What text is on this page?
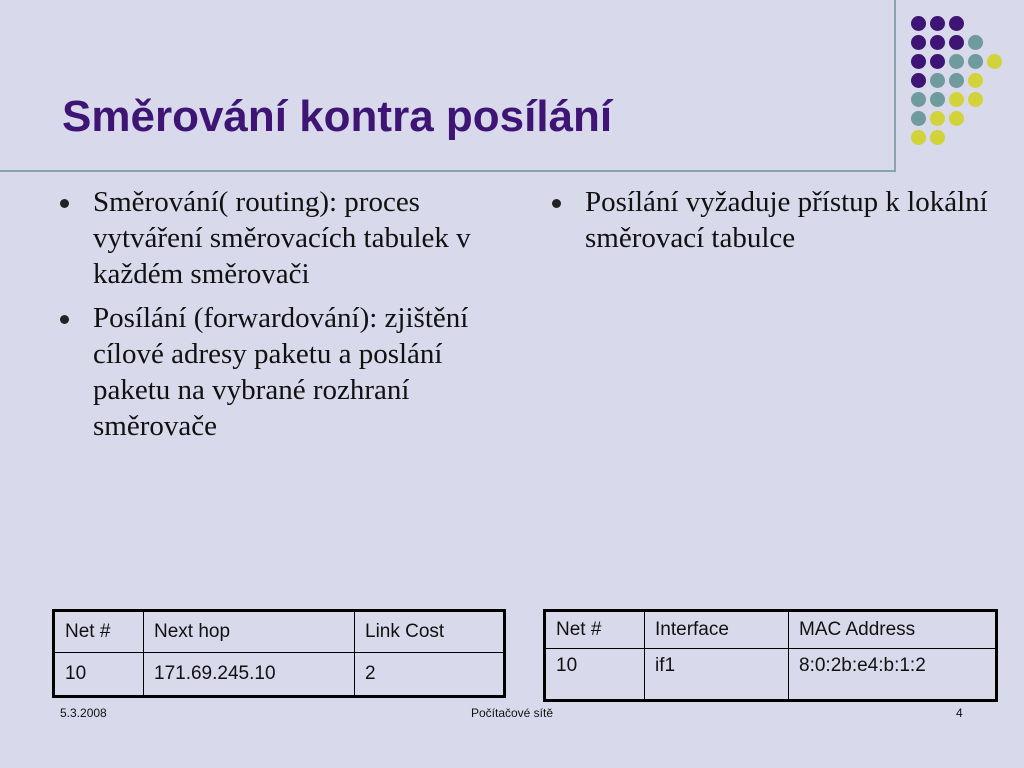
Směrování kontra posílání
Směrování( routing): proces vytváření směrovacích tabulek v každém směrovači
Posílání (forwardování): zjištění cílové adresy paketu a poslání paketu na vybrané rozhraní směrovače
Posílání vyžaduje přístup k lokální směrovací tabulce
Net #	Next hop	Link Cost
10	171.69.245.10	2
Net #	Interface	MAC Address
10	if1	8:0:2b:e4:b:1:2
5.3.2008	Počítačové sítě	4
